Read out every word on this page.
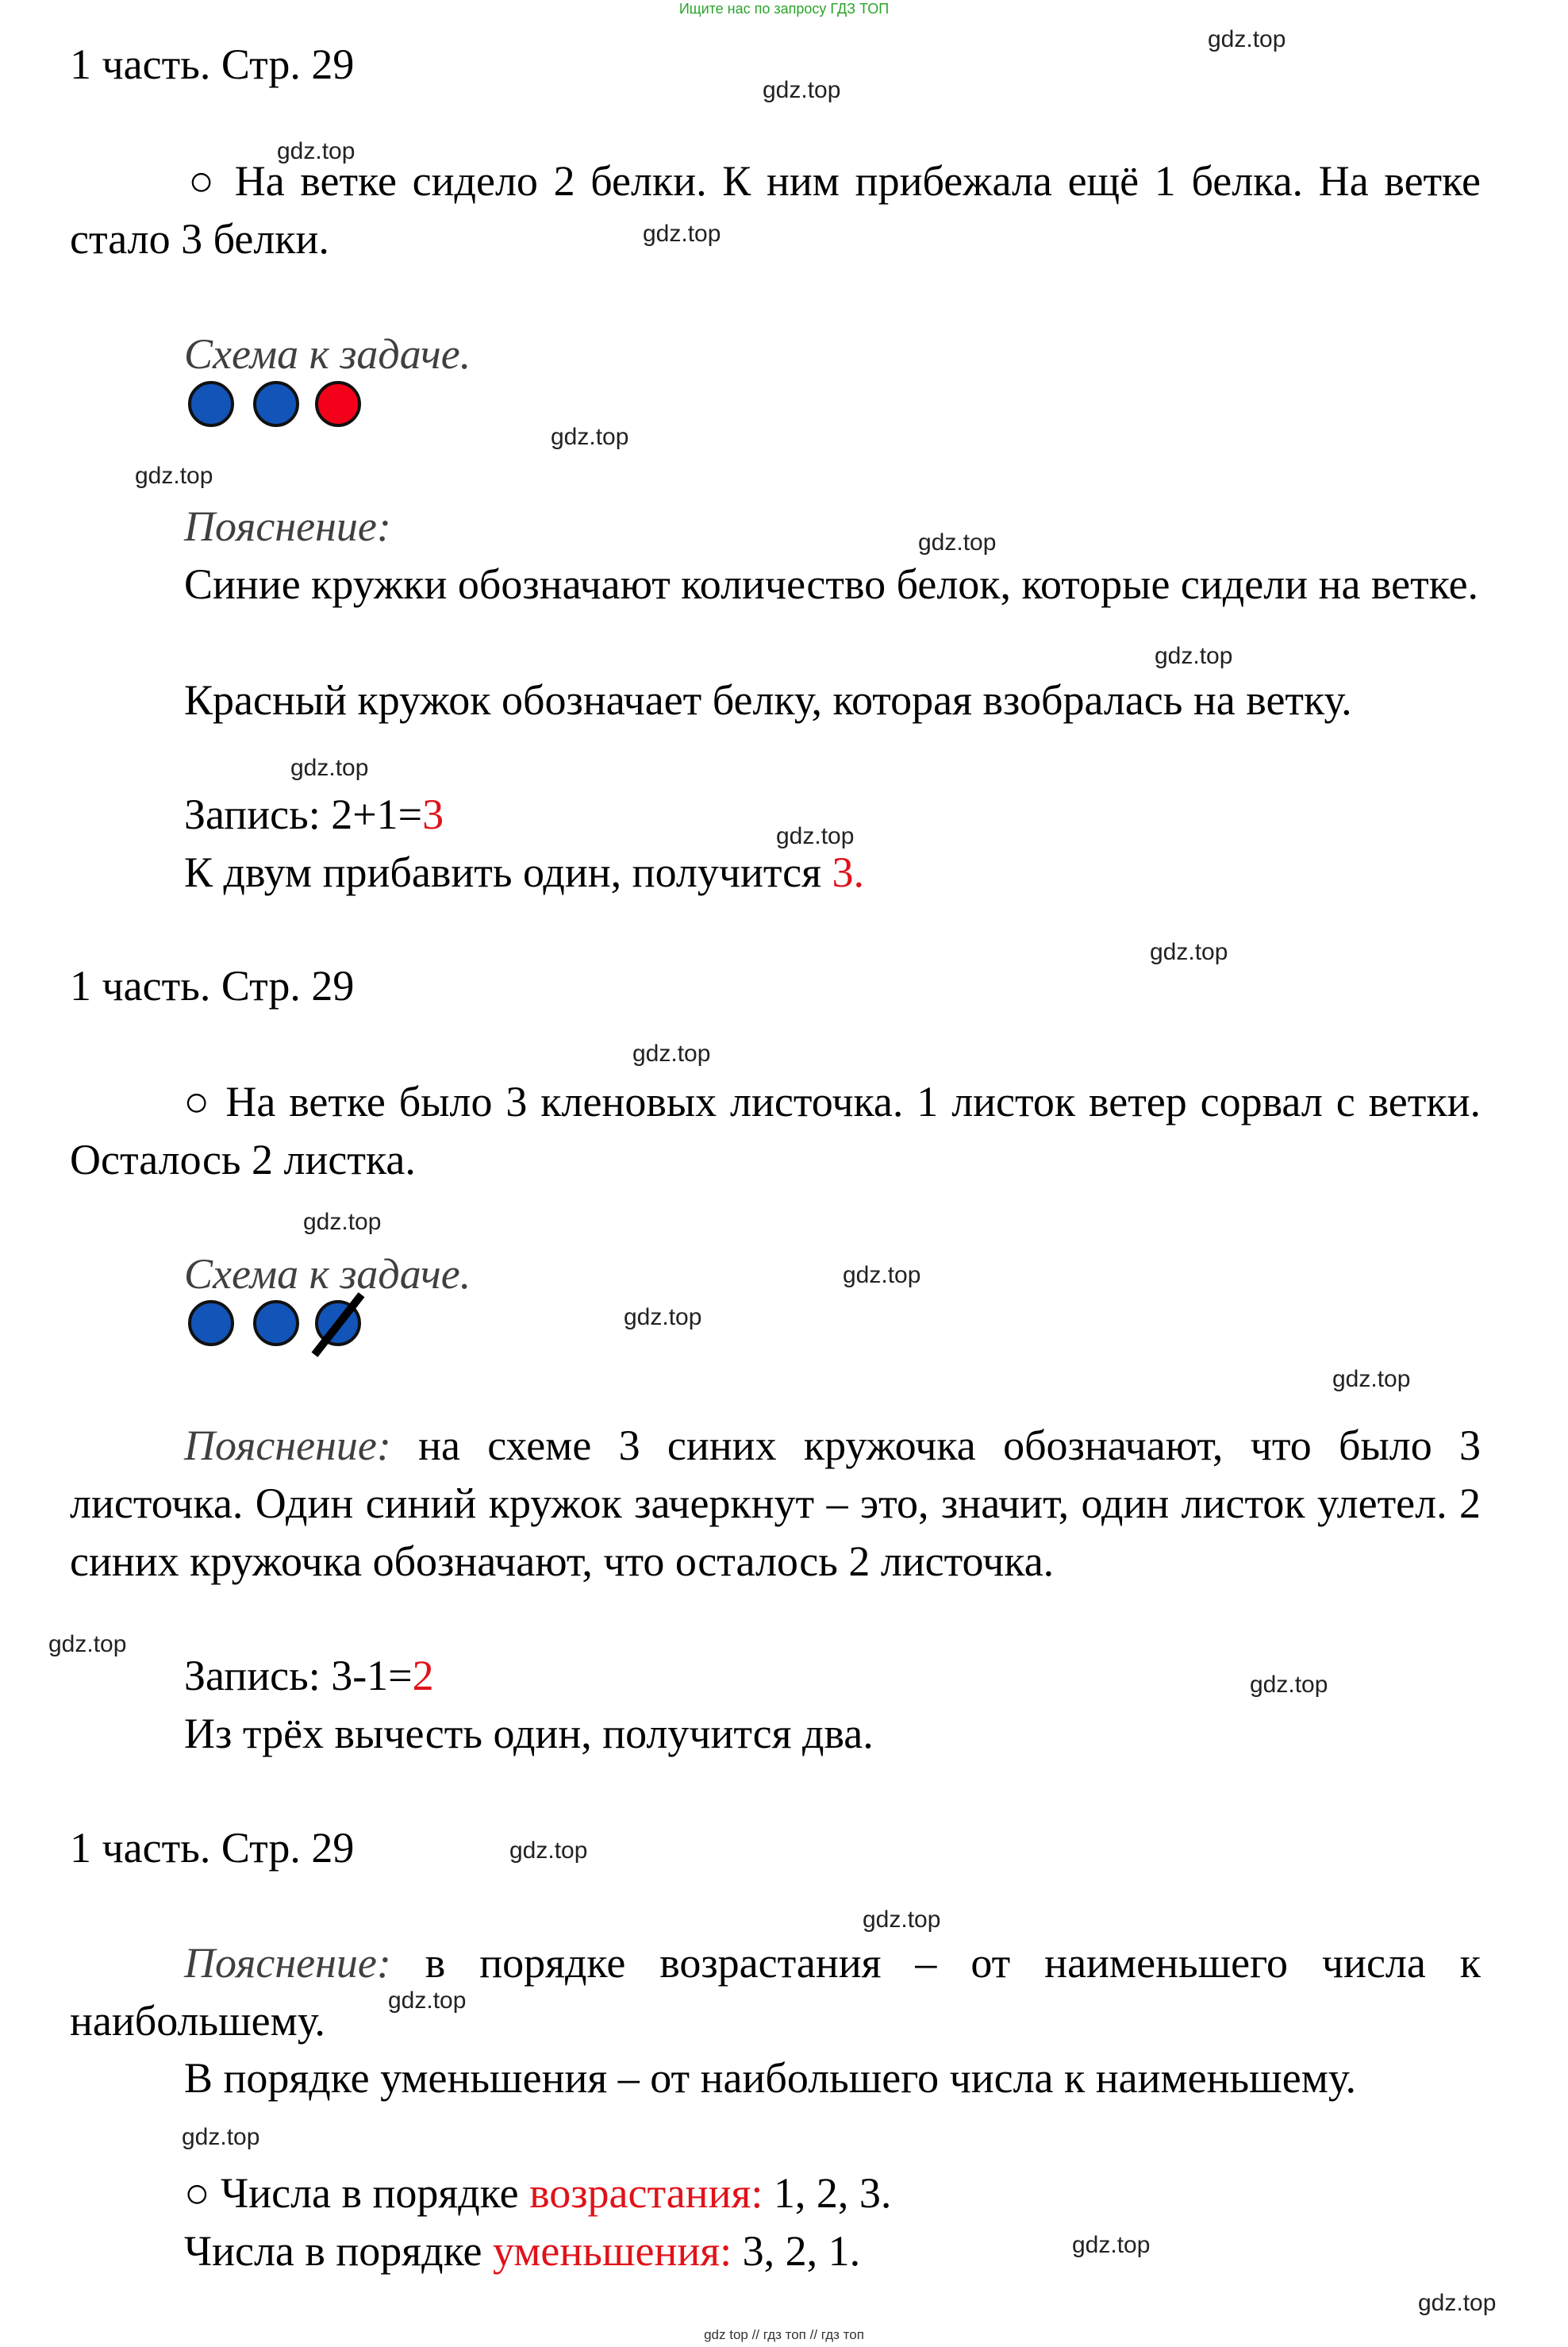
Ищите нас по запросу ГДЗ ТОП
gdz top // гдз топ // гдз топ
1 часть. Стр. 29
○ На ветке сидело 2 белки. К ним прибежала ещё 1 белка. На ветке стало 3 белки.
Схема к задаче.
Пояснение:
Синие кружки обозначают количество белок, которые сидели на ветке.
Красный кружок обозначает белку, которая взобралась на ветку.
Запись: 2+1=3
К двум прибавить один, получится 3.
1 часть. Стр. 29
○ На ветке было 3 кленовых листочка. 1 листок ветер сорвал с ветки. Осталось 2 листка.
Схема к задаче.
Пояснение: на схеме 3 синих кружочка обозначают, что было 3 листочка. Один синий кружок зачеркнут – это, значит, один листок улетел. 2 синих кружочка обозначают, что осталось 2 листочка.
Запись: 3-1=2
Из трёх вычесть один, получится два.
1 часть. Стр. 29
Пояснение: в порядке возрастания – от наименьшего числа к наибольшему.
В порядке уменьшения – от наибольшего числа к наименьшему.
○ Числа в порядке возрастания: 1, 2, 3.
Числа в порядке уменьшения: 3, 2, 1.
gdz.top
gdz.top
gdz.top
gdz.top
gdz.top
gdz.top
gdz.top
gdz.top
gdz.top
gdz.top
gdz.top
gdz.top
gdz.top
gdz.top
gdz.top
gdz.top
gdz.top
gdz.top
gdz.top
gdz.top
gdz.top
gdz.top
gdz.top
gdz.top
